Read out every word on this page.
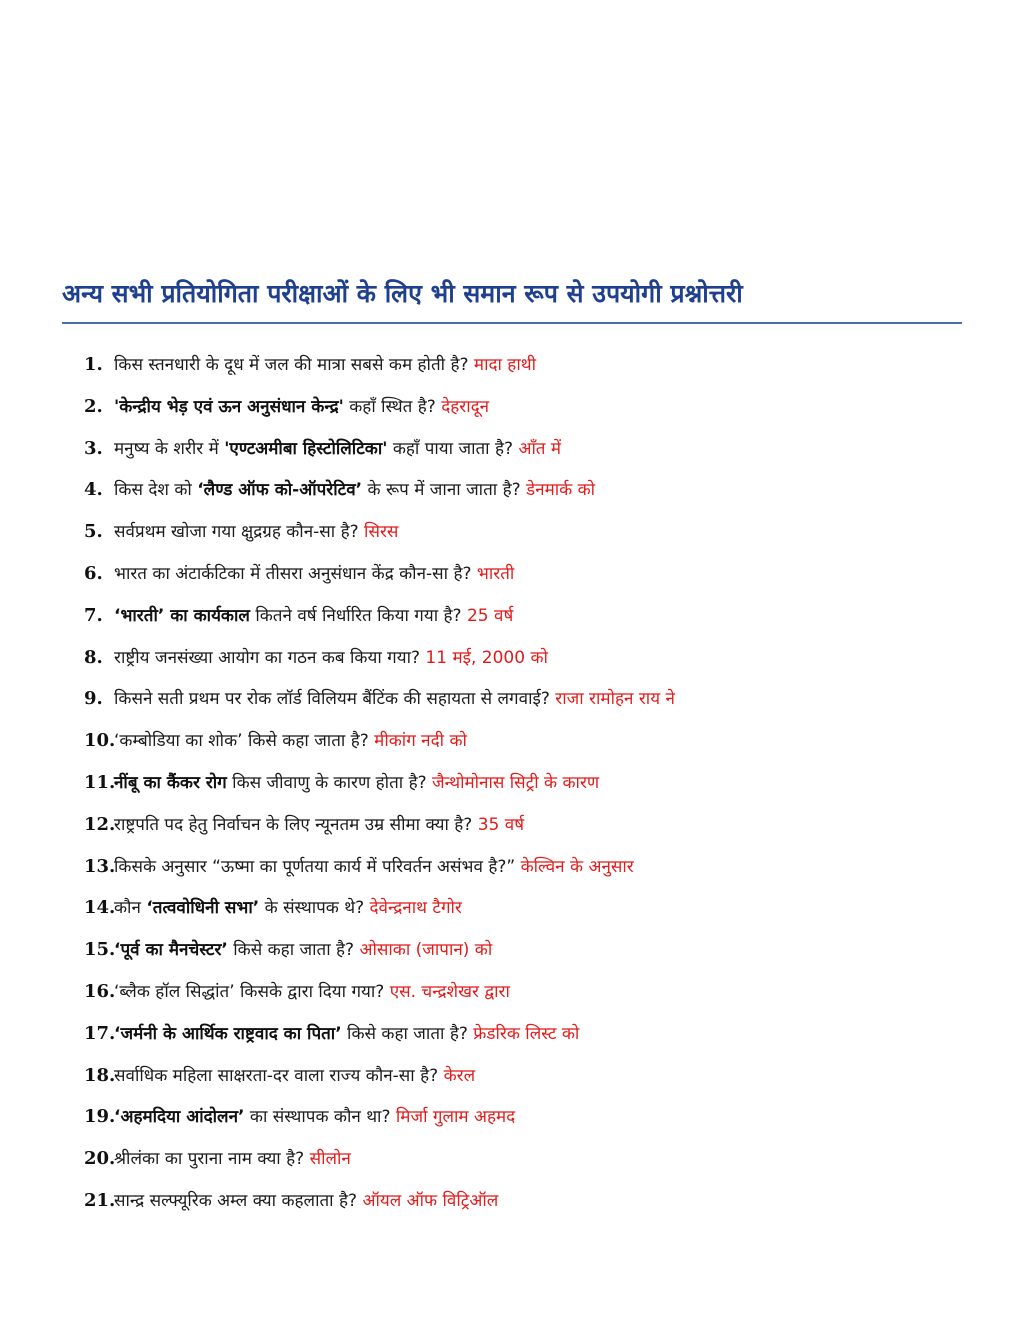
अन्य सभी प्रतियोगिता परीक्षाओं के लिए भी समान रूप से उपयोगी प्रश्नोत्तरी
1. किस स्तनधारी के दूध में जल की मात्रा सबसे कम होती है? मादा हाथी
2. 'केन्द्रीय भेड़ एवं ऊन अनुसंधान केन्द्र' कहाँ स्थित है? देहरादून
3. मनुष्य के शरीर में 'एण्टअमीबा हिस्टोलिटिका' कहाँ पाया जाता है? आँत में
4. किस देश को ‘लैण्ड ऑफ को-ऑपरेटिव’ के रूप में जाना जाता है? डेनमार्क को
5. सर्वप्रथम खोजा गया क्षुद्रग्रह कौन-सा है? सिरस
6. भारत का अंटार्कटिका में तीसरा अनुसंधान केंद्र कौन-सा है? भारती
7. ‘भारती’ का कार्यकाल कितने वर्ष निर्धारित किया गया है? 25 वर्ष
8. राष्ट्रीय जनसंख्या आयोग का गठन कब किया गया? 11 मई, 2000 को
9. किसने सती प्रथम पर रोक लॉर्ड विलियम बैंटिंक की सहायता से लगवाई? राजा रामोहन राय ने
10.‘कम्बोडिया का शोक’ किसे कहा जाता है? मीकांग नदी को
11.नींबू का कैंकर रोग किस जीवाणु के कारण होता है? जैन्थोमोनास सिट्री के कारण
12.राष्ट्रपति पद हेतु निर्वाचन के लिए न्यूनतम उम्र सीमा क्या है? 35 वर्ष
13.किसके अनुसार “ऊष्मा का पूर्णतया कार्य में परिवर्तन असंभव है?” केल्विन के अनुसार
14.कौन ‘तत्ववोधिनी सभा’ के संस्थापक थे? देवेन्द्रनाथ टैगोर
15.‘पूर्व का मैनचेस्टर’ किसे कहा जाता है? ओसाका (जापान) को
16.‘ब्लैक हॉल सिद्धांत’ किसके द्वारा दिया गया? एस. चन्द्रशेखर द्वारा
17.‘जर्मनी के आर्थिक राष्ट्रवाद का पिता’ किसे कहा जाता है? फ्रेडरिक लिस्ट को
18.सर्वाधिक महिला साक्षरता-दर वाला राज्य कौन-सा है? केरल
19.‘अहमदिया आंदोलन’ का संस्थापक कौन था? मिर्जा गुलाम अहमद
20.श्रीलंका का पुराना नाम क्या है? सीलोन
21.सान्द्र सल्फ्यूरिक अम्ल क्या कहलाता है? ऑयल ऑफ विट्रिऑल
